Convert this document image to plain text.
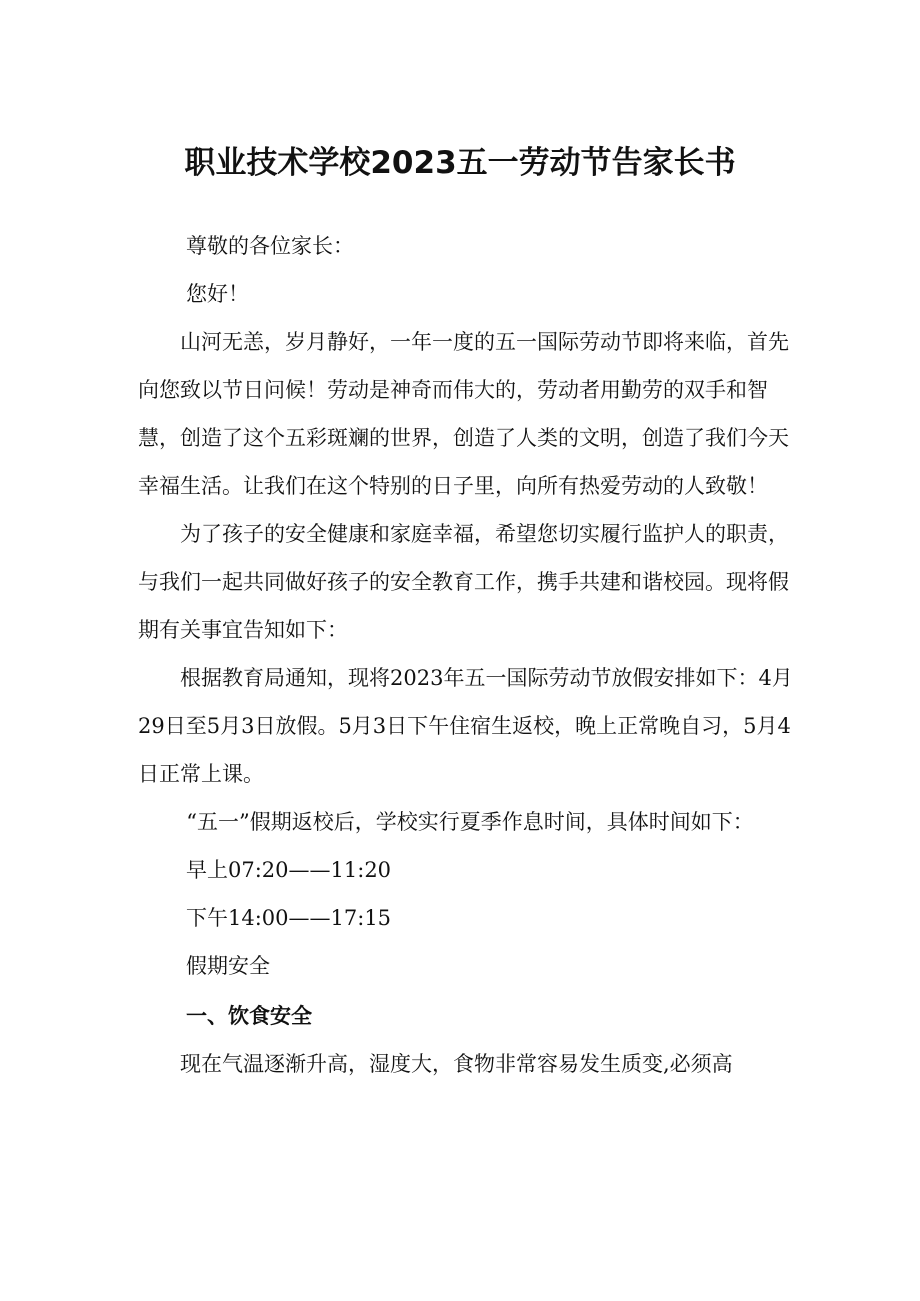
职业技术学校2023五一劳动节告家长书

尊敬的各位家长：

您好！

山河无恙，岁月静好，一年一度的五一国际劳动节即将来临，首先向您致以节日问候！劳动是神奇而伟大的，劳动者用勤劳的双手和智慧，创造了这个五彩斑斓的世界，创造了人类的文明，创造了我们今天幸福生活。让我们在这个特别的日子里，向所有热爱劳动的人致敬！

为了孩子的安全健康和家庭幸福，希望您切实履行监护人的职责，与我们一起共同做好孩子的安全教育工作，携手共建和谐校园。现将假期有关事宜告知如下：

根据教育局通知，现将2023年五一国际劳动节放假安排如下：4月29日至5月3日放假。5月3日下午住宿生返校，晚上正常晚自习，5月4日正常上课。

“五一”假期返校后，学校实行夏季作息时间，具体时间如下：

早上07:20——11:20

下午14:00——17:15

假期安全

一、饮食安全

现在气温逐渐升高，湿度大，食物非常容易发生质变,必须高
